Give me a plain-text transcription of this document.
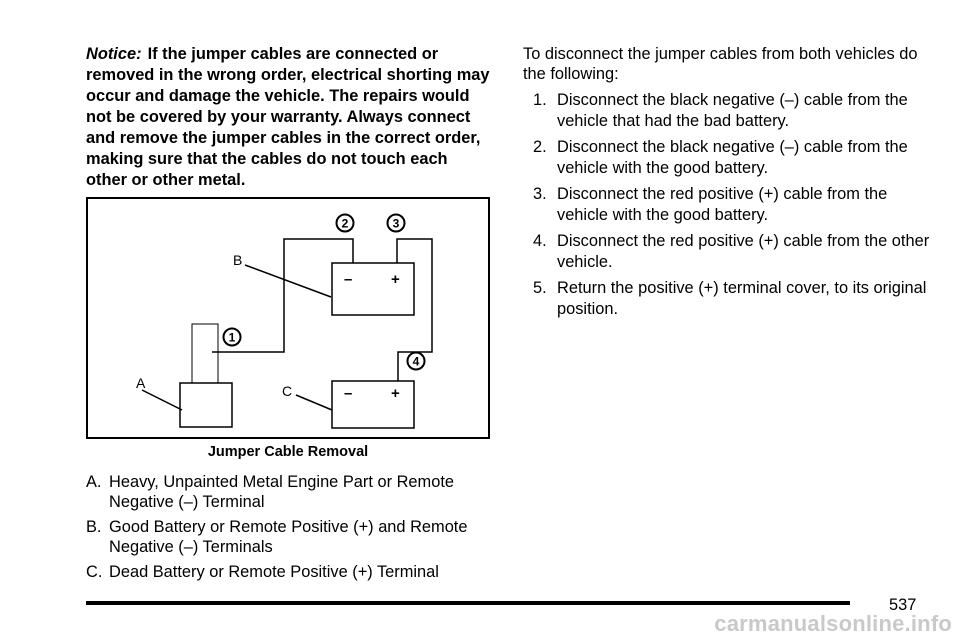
Notice: If the jumper cables are connected or removed in the wrong order, electrical shorting may occur and damage the vehicle. The repairs would not be covered by your warranty. Always connect and remove the jumper cables in the correct order, making sure that the cables do not touch each other or other metal.

–	+
–	+
A
B
C
1
2	3
4
Jumper Cable Removal
A. Heavy, Unpainted Metal Engine Part or Remote Negative (–) Terminal
B. Good Battery or Remote Positive (+) and Remote Negative (–) Terminals
C. Dead Battery or Remote Positive (+) Terminal

To disconnect the jumper cables from both vehicles do the following:

1. Disconnect the black negative (–) cable from the vehicle that had the bad battery.
2. Disconnect the black negative (–) cable from the vehicle with the good battery.
3. Disconnect the red positive (+) cable from the vehicle with the good battery.
4. Disconnect the red positive (+) cable from the other vehicle.
5. Return the positive (+) terminal cover, to its original position.
537
carmanualsonline.info
